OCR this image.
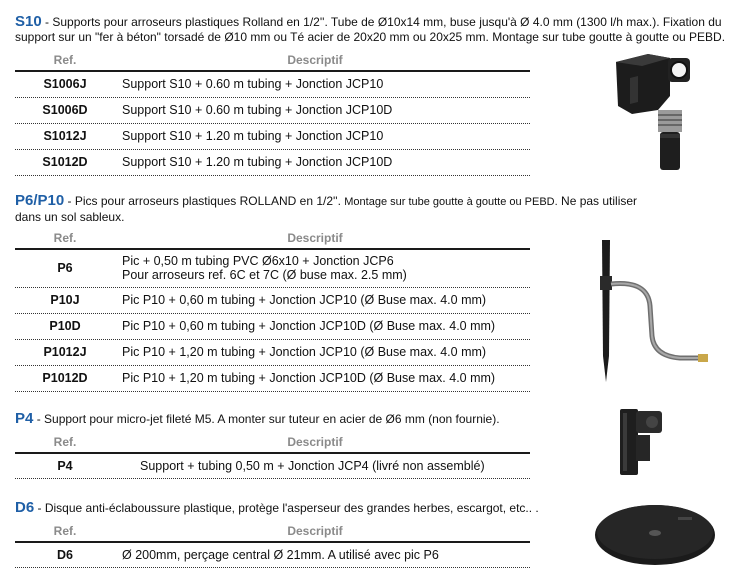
S10 - Supports pour arroseurs plastiques Rolland en 1/2''. Tube de Ø10x14 mm, buse jusqu'à Ø 4.0 mm (1300 l/h max.). Fixation du
support sur un "fer à béton" torsadé de Ø10 mm ou Té acier de 20x20 mm ou 20x25 mm. Montage sur tube goutte à goutte ou PEBD.
Ref.	Descriptif
S1006J	Support S10 + 0.60 m tubing + Jonction JCP10
S1006D	Support S10 + 0.60 m tubing + Jonction JCP10D
S1012J	Support S10 + 1.20 m tubing + Jonction JCP10
S1012D	Support S10 + 1.20 m tubing + Jonction JCP10D
P6/P10 - Pics pour arroseurs plastiques ROLLAND en 1/2''. Montage sur tube goutte à goutte ou PEBD. Ne pas utiliser
dans un sol sableux.
Ref.	Descriptif
P6	Pic + 0,50 m tubing PVC Ø6x10 + Jonction JCP6
Pour arroseurs ref. 6C et 7C (Ø buse max. 2.5 mm)
P10J	Pic P10 + 0,60 m tubing + Jonction JCP10 (Ø Buse max. 4.0 mm)
P10D	Pic P10 + 0,60 m tubing + Jonction JCP10D (Ø Buse max. 4.0 mm)
P1012J	Pic P10 + 1,20 m tubing + Jonction JCP10 (Ø Buse max. 4.0 mm)
P1012D	Pic P10 + 1,20 m tubing + Jonction JCP10D (Ø Buse max. 4.0 mm)
P4 - Support pour micro-jet fileté M5. A monter sur tuteur en acier de Ø6 mm (non fournie).
Ref.	Descriptif
P4	Support + tubing 0,50 m + Jonction JCP4 (livré non assemblé)
D6 - Disque anti-éclaboussure plastique, protège l'asperseur des grandes herbes, escargot, etc.. .
Ref.	Descriptif
D6	Ø 200mm, perçage central Ø 21mm. A utilisé avec pic P6
